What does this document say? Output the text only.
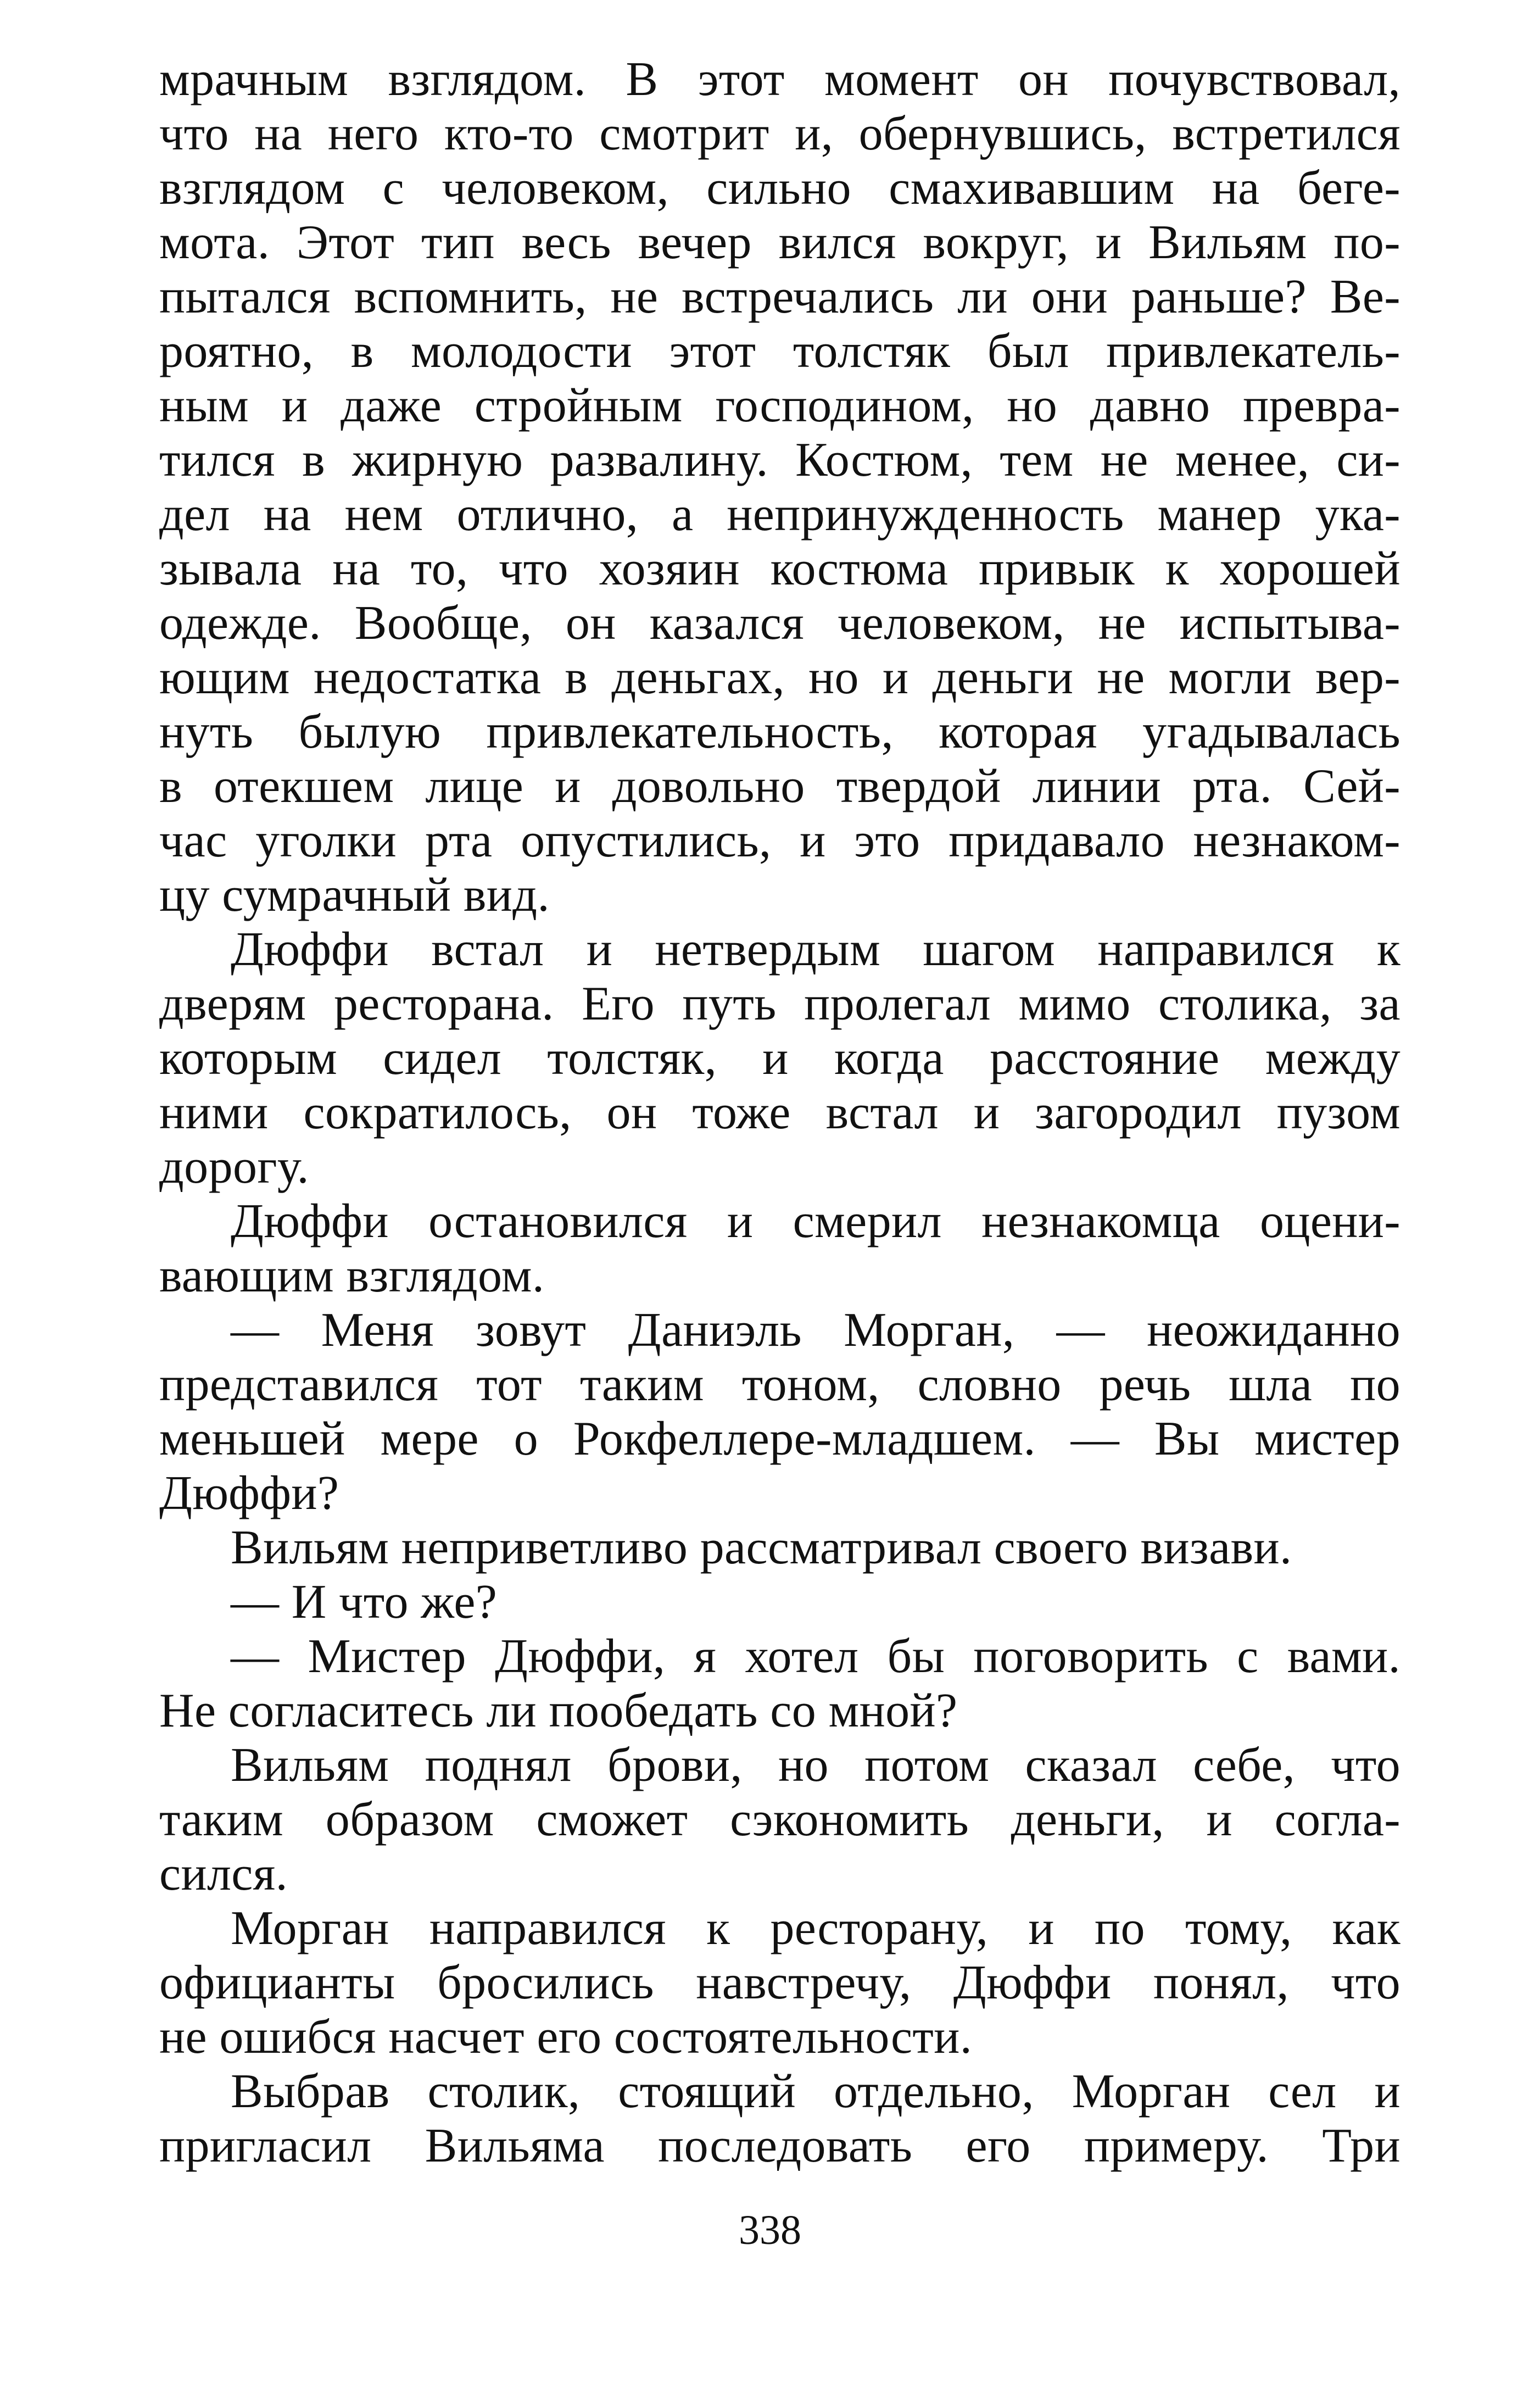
мрачным взглядом. В этот момент он почувствовал,
что на него кто-то смотрит и, обернувшись, встретился
взглядом с человеком, сильно смахивавшим на беге-
мота. Этот тип весь вечер вился вокруг, и Вильям по-
пытался вспомнить, не встречались ли они раньше? Ве-
роятно, в молодости этот толстяк был привлекатель-
ным и даже стройным господином, но давно превра-
тился в жирную развалину. Костюм, тем не менее, си-
дел на нем отлично, а непринужденность манер ука-
зывала на то, что хозяин костюма привык к хорошей
одежде. Вообще, он казался человеком, не испытыва-
ющим недостатка в деньгах, но и деньги не могли вер-
нуть былую привлекательность, которая угадывалась
в отекшем лице и довольно твердой линии рта. Сей-
час уголки рта опустились, и это придавало незнаком-
цу сумрачный вид.
Дюффи встал и нетвердым шагом направился к
дверям ресторана. Его путь пролегал мимо столика, за
которым сидел толстяк, и когда расстояние между
ними сократилось, он тоже встал и загородил пузом
дорогу.
Дюффи остановился и смерил незнакомца оцени-
вающим взглядом.
— Меня зовут Даниэль Морган, — неожиданно
представился тот таким тоном, словно речь шла по
меньшей мере о Рокфеллере-младшем. — Вы мистер
Дюффи?
Вильям неприветливо рассматривал своего визави.
— И что же?
— Мистер Дюффи, я хотел бы поговорить с вами.
Не согласитесь ли пообедать со мной?
Вильям поднял брови, но потом сказал себе, что
таким образом сможет сэкономить деньги, и согла-
сился.
Морган направился к ресторану, и по тому, как
официанты бросились навстречу, Дюффи понял, что
не ошибся насчет его состоятельности.
Выбрав столик, стоящий отдельно, Морган сел и
пригласил Вильяма последовать его примеру. Три
338
